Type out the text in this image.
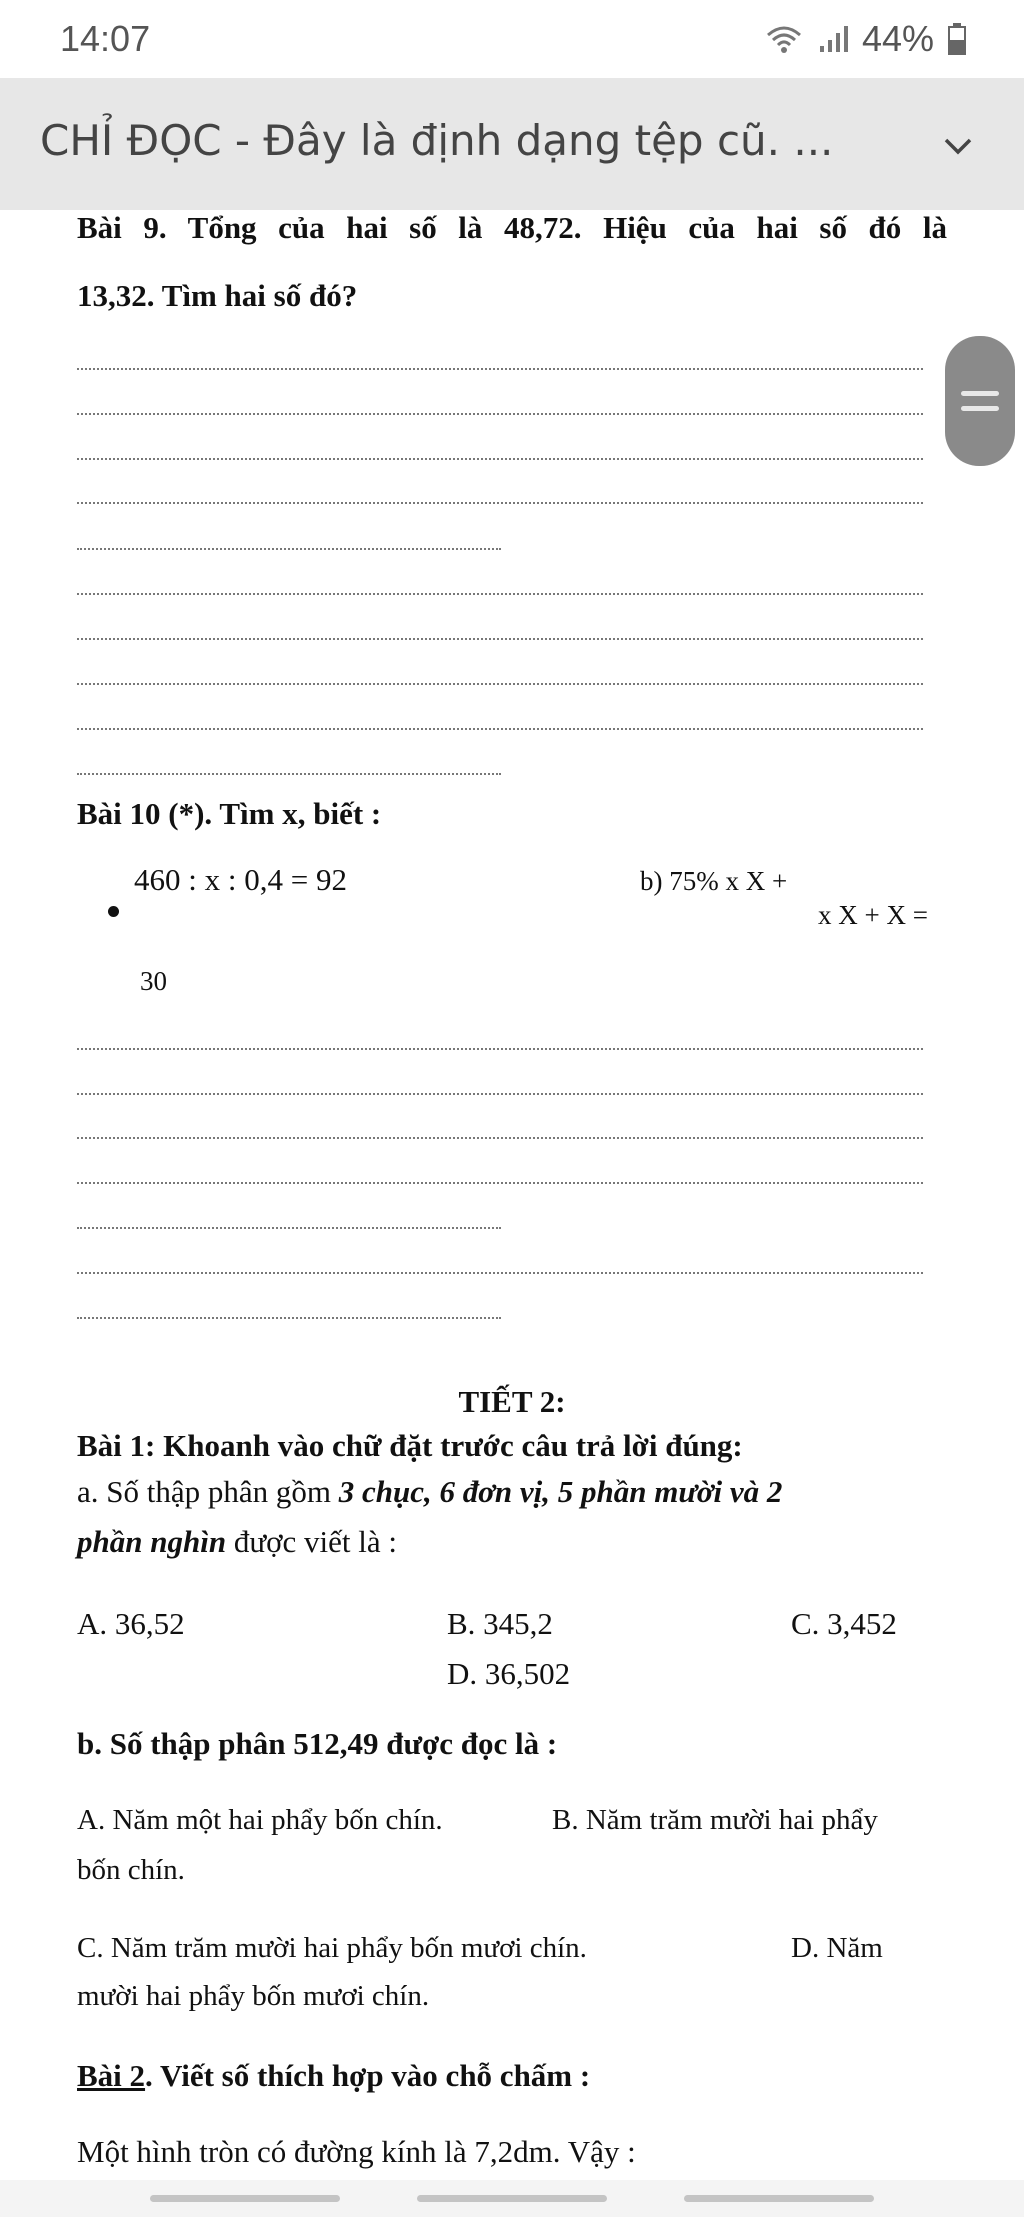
14:07	44%
CHỈ ĐỌC - Đây là định dạng tệp cũ. ...
Bài 9. Tổng của hai số là 48,72. Hiệu của hai số đó là
13,32. Tìm hai số đó?
Bài 10 (*). Tìm x, biết :
460 : x : 0,4 = 92	b) 75% x X +
x X + X =
30
TIẾT 2:
Bài 1: Khoanh vào chữ đặt trước câu trả lời đúng:
a. Số thập phân gồm 3 chục, 6 đơn vị, 5 phần mười và 2
phần nghìn được viết là :
A. 36,52	B. 345,2	C. 3,452
D. 36,502
b. Số thập phân 512,49 được đọc là :
A. Năm một hai phẩy bốn chín.	B. Năm trăm mười hai phẩy
bốn chín.
C. Năm trăm mười hai phẩy bốn mươi chín.	D. Năm
mười hai phẩy bốn mươi chín.
Bài 2. Viết số thích hợp vào chỗ chấm :
Một hình tròn có đường kính là 7,2dm. Vậy :
